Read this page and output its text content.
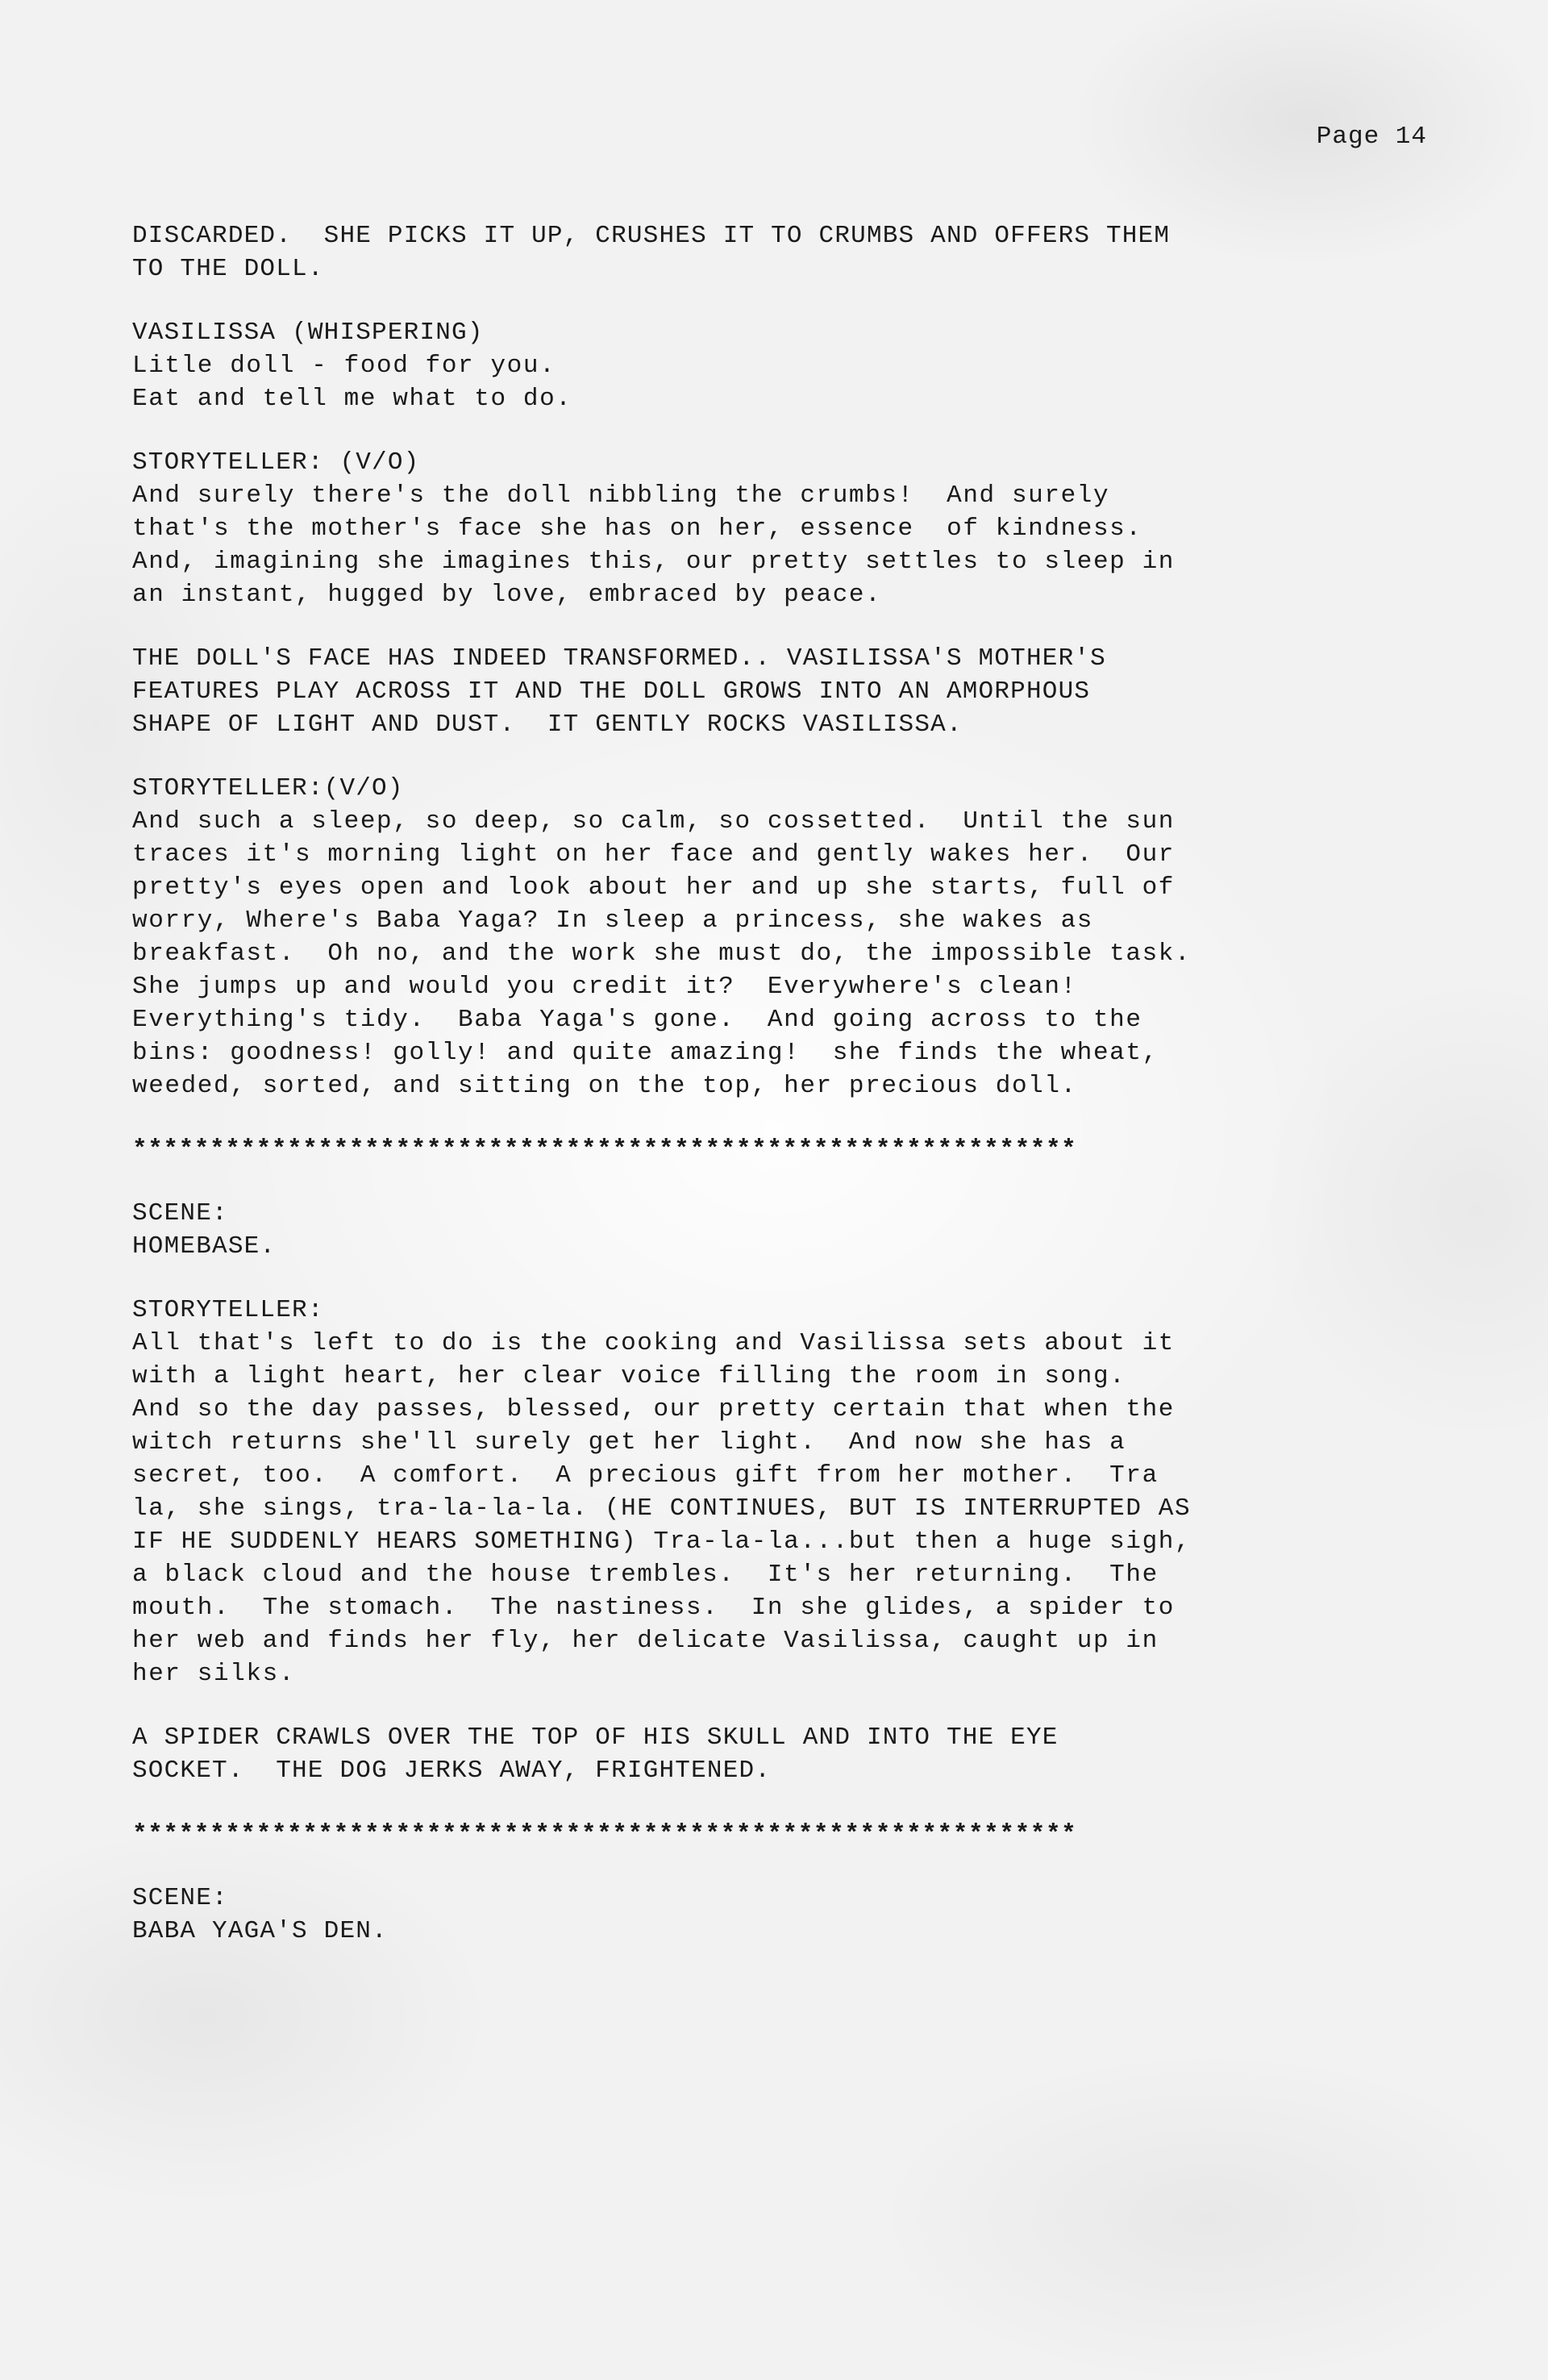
Page 14
DISCARDED.  SHE PICKS IT UP, CRUSHES IT TO CRUMBS AND OFFERS THEM
TO THE DOLL.
VASILISSA (WHISPERING)
Litle doll - food for you.
Eat and tell me what to do.
STORYTELLER: (V/O)
And surely there's the doll nibbling the crumbs!  And surely
that's the mother's face she has on her, essence  of kindness.
And, imagining she imagines this, our pretty settles to sleep in
an instant, hugged by love, embraced by peace.
THE DOLL'S FACE HAS INDEED TRANSFORMED.. VASILISSA'S MOTHER'S
FEATURES PLAY ACROSS IT AND THE DOLL GROWS INTO AN AMORPHOUS
SHAPE OF LIGHT AND DUST.  IT GENTLY ROCKS VASILISSA.
STORYTELLER:(V/O)
And such a sleep, so deep, so calm, so cossetted.  Until the sun
traces it's morning light on her face and gently wakes her.  Our
pretty's eyes open and look about her and up she starts, full of
worry, Where's Baba Yaga? In sleep a princess, she wakes as
breakfast.  Oh no, and the work she must do, the impossible task.
She jumps up and would you credit it?  Everywhere's clean!
Everything's tidy.  Baba Yaga's gone.  And going across to the
bins: goodness! golly! and quite amazing!  she finds the wheat,
weeded, sorted, and sitting on the top, her precious doll.
*************************************************************
SCENE:
HOMEBASE.
STORYTELLER:
All that's left to do is the cooking and Vasilissa sets about it
with a light heart, her clear voice filling the room in song.
And so the day passes, blessed, our pretty certain that when the
witch returns she'll surely get her light.  And now she has a
secret, too.  A comfort.  A precious gift from her mother.  Tra
la, she sings, tra-la-la-la. (HE CONTINUES, BUT IS INTERRUPTED AS
IF HE SUDDENLY HEARS SOMETHING) Tra-la-la...but then a huge sigh,
a black cloud and the house trembles.  It's her returning.  The
mouth.  The stomach.  The nastiness.  In she glides, a spider to
her web and finds her fly, her delicate Vasilissa, caught up in
her silks.
A SPIDER CRAWLS OVER THE TOP OF HIS SKULL AND INTO THE EYE
SOCKET.  THE DOG JERKS AWAY, FRIGHTENED.
*************************************************************
SCENE:
BABA YAGA'S DEN.
